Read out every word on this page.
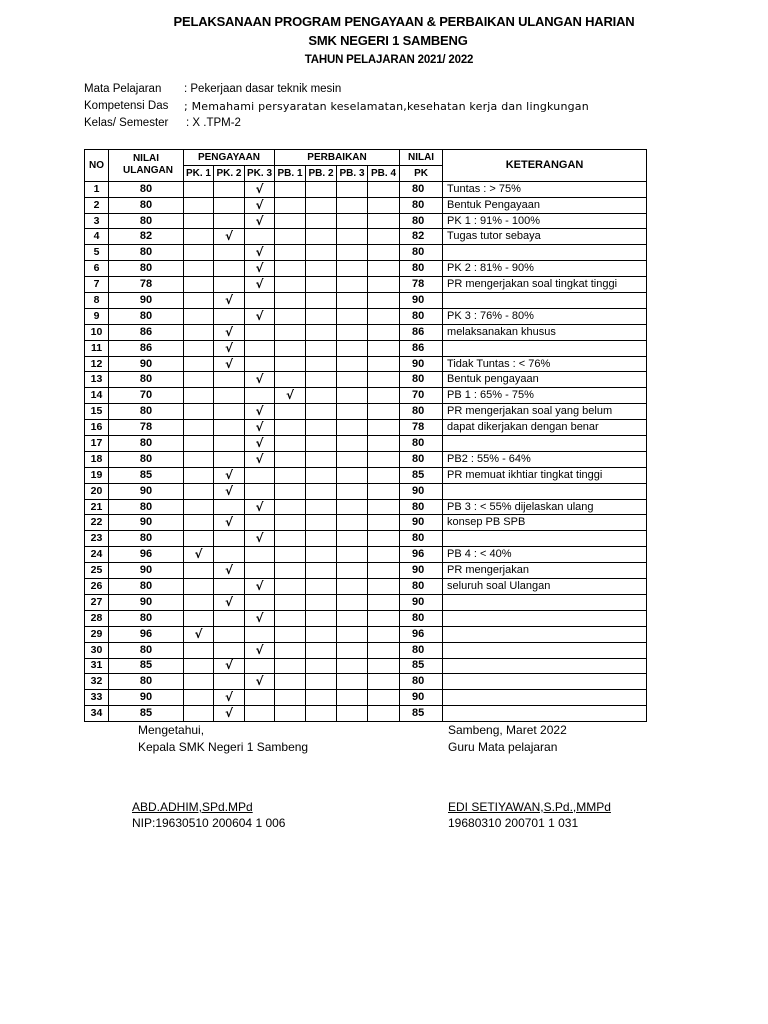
PELAKSANAAN PROGRAM PENGAYAAN & PERBAIKAN ULANGAN HARIAN
SMK NEGERI 1 SAMBENG
TAHUN PELAJARAN 2021/ 2022
Mata Pelajaran : Pekerjaan dasar teknik mesin
Kompetensi Das ; Memahami persyaratan keselamatan,kesehatan kerja dan lingkungan
Kelas/ Semester : X .TPM-2
NO	NILAI ULANGAN	PENGAYAAN			PERBAIKAN				NILAI	KETERANGAN
		PK. 1	PK. 2	PK. 3	PB. 1	PB. 2	PB. 3	PB. 4	PK	
1	80			√					80	Tuntas : > 75%
2	80			√					80	Bentuk Pengayaan
3	80			√					80	PK 1 : 91% - 100%
4	82		√						82	Tugas tutor sebaya
5	80			√					80	
6	80			√					80	PK 2 : 81% - 90%
7	78			√					78	PR mengerjakan soal tingkat tinggi
8	90		√						90	
9	80			√					80	PK 3 : 76% - 80%
10	86		√						86	melaksanakan khusus
11	86		√						86	
12	90		√						90	Tidak Tuntas : < 76%
13	80			√					80	Bentuk pengayaan
14	70				√				70	PB 1 : 65% - 75%
15	80			√					80	PR mengerjakan soal yang belum
16	78			√					78	dapat dikerjakan dengan benar
17	80			√					80	
18	80			√					80	PB2 : 55% - 64%
19	85		√						85	PR memuat ikhtiar tingkat tinggi
20	90		√						90	
21	80			√					80	PB 3 : < 55% dijelaskan ulang
22	90		√						90	konsep PB SPB
23	80			√					80	
24	96	√							96	PB 4 : < 40%
25	90		√						90	PR mengerjakan
26	80			√					80	seluruh soal Ulangan
27	90		√						90	
28	80			√					80	
29	96	√							96	
30	80			√					80	
31	85		√						85	
32	80			√					80	
33	90		√						90	
34	85		√						85	
Mengetahui,
Kepala SMK Negeri 1 Sambeng
ABD.ADHIM,SPd.MPd
NIP:19630510 200604 1 006
Sambeng, Maret 2022
Guru Mata pelajaran
EDI SETIYAWAN,S.Pd.,MMPd
19680310 200701 1 031
